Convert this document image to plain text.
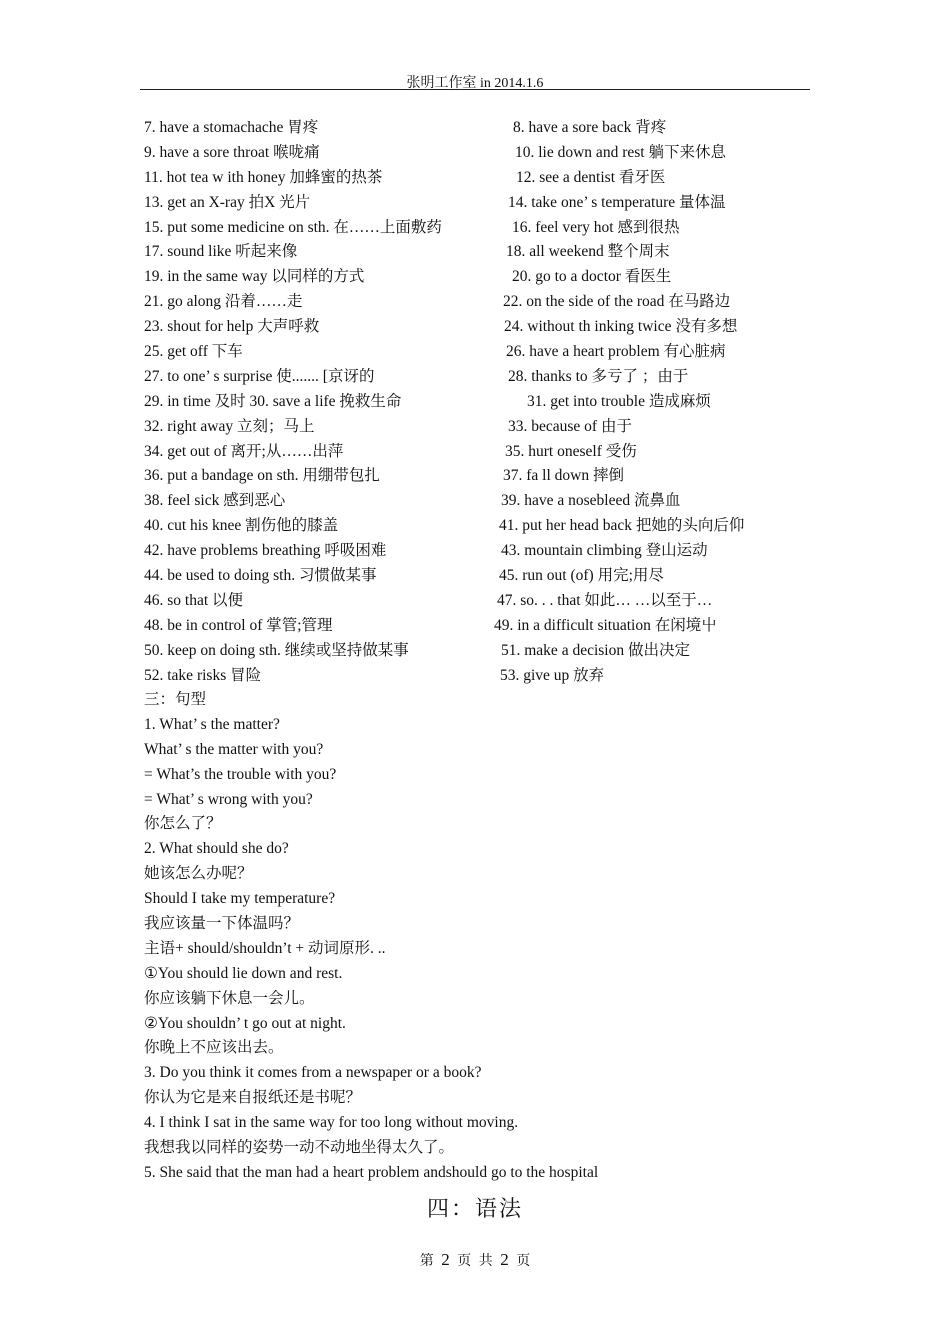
张明工作室 in 2014.1.6
7. have a stomachache 胃疼
9. have a sore throat 喉咙痛
11. hot tea w ith honey 加蜂蜜的热茶
13. get an X-ray 拍X 光片
15. put some medicine on sth. 在……上面敷药
17. sound like 听起来像
19. in the same way 以同样的方式
21. go along 沿着……走
23. shout for help 大声呼救
25. get off 下车
27. to one’ s surprise 使....... [京讶的
29. in time 及时 30. save a life 挽救生命
32. right away 立刻；马上
34. get out of 离开;从……出萍
36. put a bandage on sth. 用绷带包扎
38. feel sick 感到恶心
40. cut his knee 割伤他的膝盖
42. have problems breathing 呼吸困难
44. be used to doing sth. 习惯做某事
46. so that 以便
48. be in control of 掌管;管理
50. keep on doing sth. 继续或坚持做某事
52. take risks 冒险
8. have a sore back 背疼
10. lie down and rest 躺下来休息
12. see a dentist 看牙医
14. take one’ s temperature 量体温
16. feel very hot 感到很热
18. all weekend 整个周末
20. go to a doctor 看医生
22. on the side of the road 在马路边
24. without th inking twice 没有多想
26. have a heart problem 有心脏病
28. thanks to 多亏了 ；由于
31. get into trouble 造成麻烦
33. because of 由于
35. hurt oneself 受伤
37. fa ll down 摔倒
39. have a nosebleed 流鼻血
41. put her head back 把她的头向后仰
43. mountain climbing 登山运动
45. run out (of) 用完;用尽
47. so. . . that 如此… …以至于…
49. in a difficult situation 在闲境屮
51. make a decision 做出决定
53. give up 放弃
三：句型
1. What’ s the matter?
What’ s the matter with you?
= What’s the trouble with you?
= What’ s wrong with you?
你怎么了？
2. What should she do?
她该怎么办呢？
Should I take my temperature?
我应该量一下体温吗？
主语+ should/shouldn’t + 动词原形. ..
①You should lie down and rest.
你应该躺下休息一会儿。
②You shouldn’ t go out at night.
你晚上不应该出去。
3. Do you think it comes from a newspaper or a book?
你认为它是来自报纸还是书呢？
4. I think I sat in the same way for too long without moving.
我想我以同样的姿势一动不动地坐得太久了。
5. She said that the man had a heart problem andshould go to the hospital
四：语法
第 2 页 共 2 页
